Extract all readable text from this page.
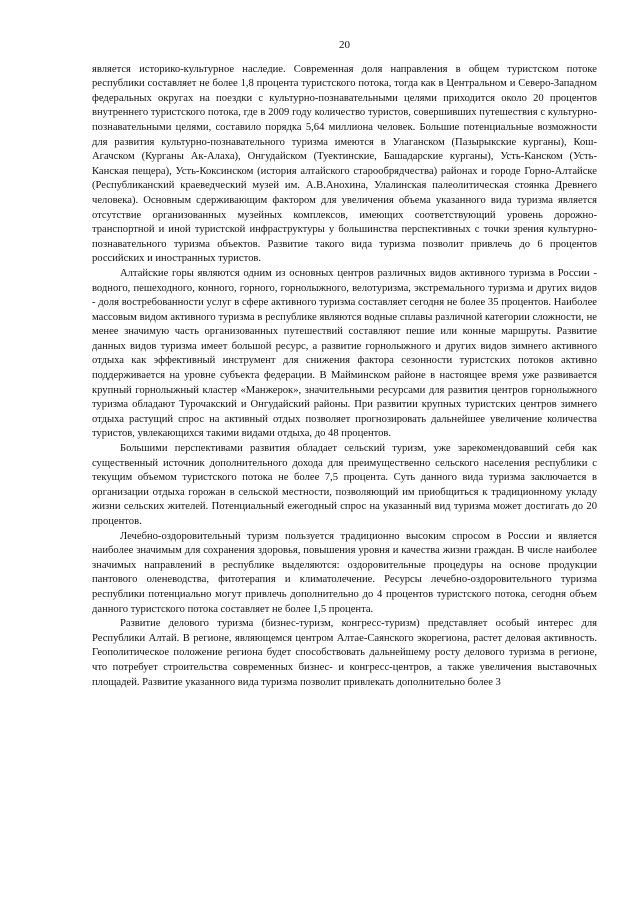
20

является историко-культурное наследие. Современная доля направления в общем туристском потоке республики составляет не более 1,8 процента туристского потока, тогда как в Центральном и Северо-Западном федеральных округах на поездки с культурно-познавательными целями приходится около 20 процентов внутреннего туристского потока, где в 2009 году количество туристов, совершивших путешествия с культурно-познавательными целями, составило порядка 5,64 миллиона человек. Большие потенциальные возможности для развития культурно-познавательного туризма имеются в Улаганском (Пазырыкские курганы), Кош-Агачском (Курганы Ак-Алаха), Онгудайском (Туектинские, Башадарские курганы), Усть-Канском (Усть-Канская пещера), Усть-Коксинском (история алтайского старообрядчества) районах и городе Горно-Алтайске (Республиканский краеведческий музей им. А.В.Анохина, Улалинская палеолитическая стоянка Древнего человека). Основным сдерживающим фактором для увеличения объема указанного вида туризма является отсутствие организованных музейных комплексов, имеющих соответствующий уровень дорожно-транспортной и иной туристской инфраструктуры у большинства перспективных с точки зрения культурно-познавательного туризма объектов. Развитие такого вида туризма позволит привлечь до 6 процентов российских и иностранных туристов.

Алтайские горы являются одним из основных центров различных видов активного туризма в России - водного, пешеходного, конного, горного, горнолыжного, велотуризма, экстремального туризма и других видов - доля востребованности услуг в сфере активного туризма составляет сегодня не более 35 процентов. Наиболее массовым видом активного туризма в республике являются водные сплавы различной категории сложности, не менее значимую часть организованных путешествий составляют пешие или конные маршруты. Развитие данных видов туризма имеет большой ресурс, а развитие горнолыжного и других видов зимнего активного отдыха как эффективный инструмент для снижения фактора сезонности туристских потоков активно поддерживается на уровне субъекта федерации. В Майминском районе в настоящее время уже развивается крупный горнолыжный кластер «Манжерок», значительными ресурсами для развития центров горнолыжного туризма обладают Турочакский и Онгудайский районы. При развитии крупных туристских центров зимнего отдыха растущий спрос на активный отдых позволяет прогнозировать дальнейшее увеличение количества туристов, увлекающихся такими видами отдыха, до 48 процентов.

Большими перспективами развития обладает сельский туризм, уже зарекомендовавший себя как существенный источник дополнительного дохода для преимущественно сельского населения республики с текущим объемом туристского потока не более 7,5 процента. Суть данного вида туризма заключается в организации отдыха горожан в сельской местности, позволяющий им приобщиться к традиционному укладу жизни сельских жителей. Потенциальный ежегодный спрос на указанный вид туризма может достигать до 20 процентов.

Лечебно-оздоровительный туризм пользуется традиционно высоким спросом в России и является наиболее значимым для сохранения здоровья, повышения уровня и качества жизни граждан. В числе наиболее значимых направлений в республике выделяются: оздоровительные процедуры на основе продукции пантового оленеводства, фитотерапия и климатолечение. Ресурсы лечебно-оздоровительного туризма республики потенциально могут привлечь дополнительно до 4 процентов туристского потока, сегодня объем данного туристского потока составляет не более 1,5 процента.

Развитие делового туризма (бизнес-туризм, конгресс-туризм) представляет особый интерес для Республики Алтай. В регионе, являющемся центром Алтае-Саянского экорегиона, растет деловая активность. Геополитическое положение региона будет способствовать дальнейшему росту делового туризма в регионе, что потребует строительства современных бизнес- и конгресс-центров, а также увеличения выставочных площадей. Развитие указанного вида туризма позволит привлекать дополнительно более 3
